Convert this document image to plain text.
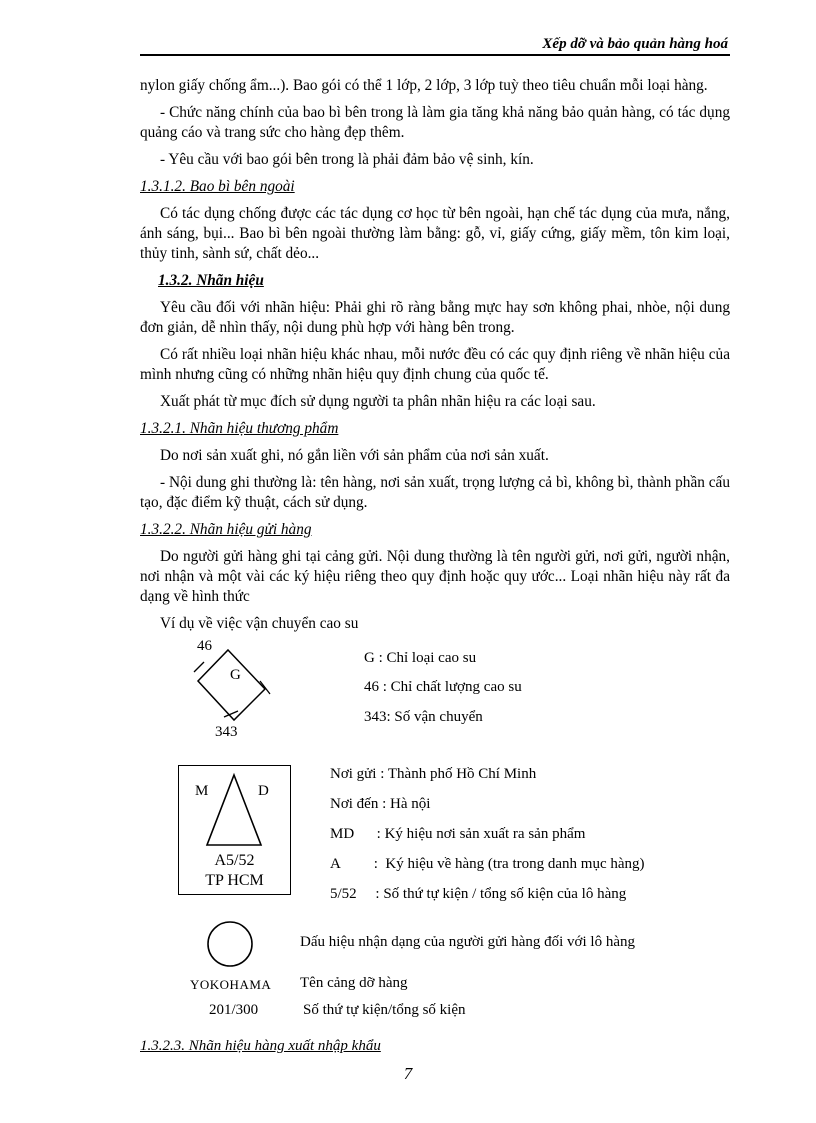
Xếp dỡ và bảo quản hàng hoá

nylon giấy chống ẩm...). Bao gói có thể 1 lớp, 2 lớp, 3 lớp tuỳ theo tiêu chuẩn mỗi loại hàng.

- Chức năng chính của bao bì bên trong là làm gia tăng khả năng bảo quản hàng, có tác dụng quảng cáo và trang sức cho hàng đẹp thêm.

- Yêu cầu với bao gói bên trong là phải đảm bảo vệ sinh, kín.

1.3.1.2. Bao bì bên ngoài

Có tác dụng chống được các tác dụng cơ học từ bên ngoài, hạn chế tác dụng của mưa, nắng, ánh sáng, bụi... Bao bì bên ngoài thường làm bằng: gỗ, vỉ, giấy cứng, giấy mềm, tôn kim loại, thủy tinh, sành sứ, chất dẻo...

1.3.2. Nhãn hiệu

Yêu cầu đối với nhãn hiệu: Phải ghi rõ ràng bằng mực hay sơn không phai, nhòe, nội dung đơn giản, dễ nhìn thấy, nội dung phù hợp với hàng bên trong.

Có rất nhiều loại nhãn hiệu khác nhau, mỗi nước đều có các quy định riêng về nhãn hiệu của mình nhưng cũng có những nhãn hiệu quy định chung của quốc tế.

Xuất phát từ mục đích sử dụng người ta phân nhãn hiệu ra các loại sau.

1.3.2.1. Nhãn hiệu thương phẩm

Do nơi sản xuất ghi, nó gắn liền với sản phẩm của nơi sản xuất.

- Nội dung ghi thường là: tên hàng, nơi sản xuất, trọng lượng cả bì, không bì, thành phần cấu tạo, đặc điểm kỹ thuật, cách sử dụng.

1.3.2.2. Nhãn hiệu gửi hàng

Do người gửi hàng ghi tại cảng gửi. Nội dung thường là tên người gửi, nơi gửi, người nhận, nơi nhận và một vài các ký hiệu riêng theo quy định hoặc quy ước... Loại nhãn hiệu này rất đa dạng về hình thức

Ví dụ về việc vận chuyển cao su

46
G
343
G : Chỉ loại cao su
46 : Chỉ chất lượng cao su
343: Số vận chuyển
M	D
A5/52
TP HCM
Nơi gửi : Thành phố Hồ Chí Minh
Nơi đến : Hà nội
MD      : Ký hiệu nơi sản xuất ra sản phẩm
A         :  Ký hiệu về hàng (tra trong danh mục hàng)
5/52     : Số thứ tự kiện / tổng số kiện của lô hàng
Dấu hiệu nhận dạng của người gửi hàng đối với lô hàng
YOKOHAMA Tên cảng dỡ hàng
201/300	Số thứ tự kiện/tổng số kiện
1.3.2.3. Nhãn hiệu hàng xuất nhập khẩu
7
